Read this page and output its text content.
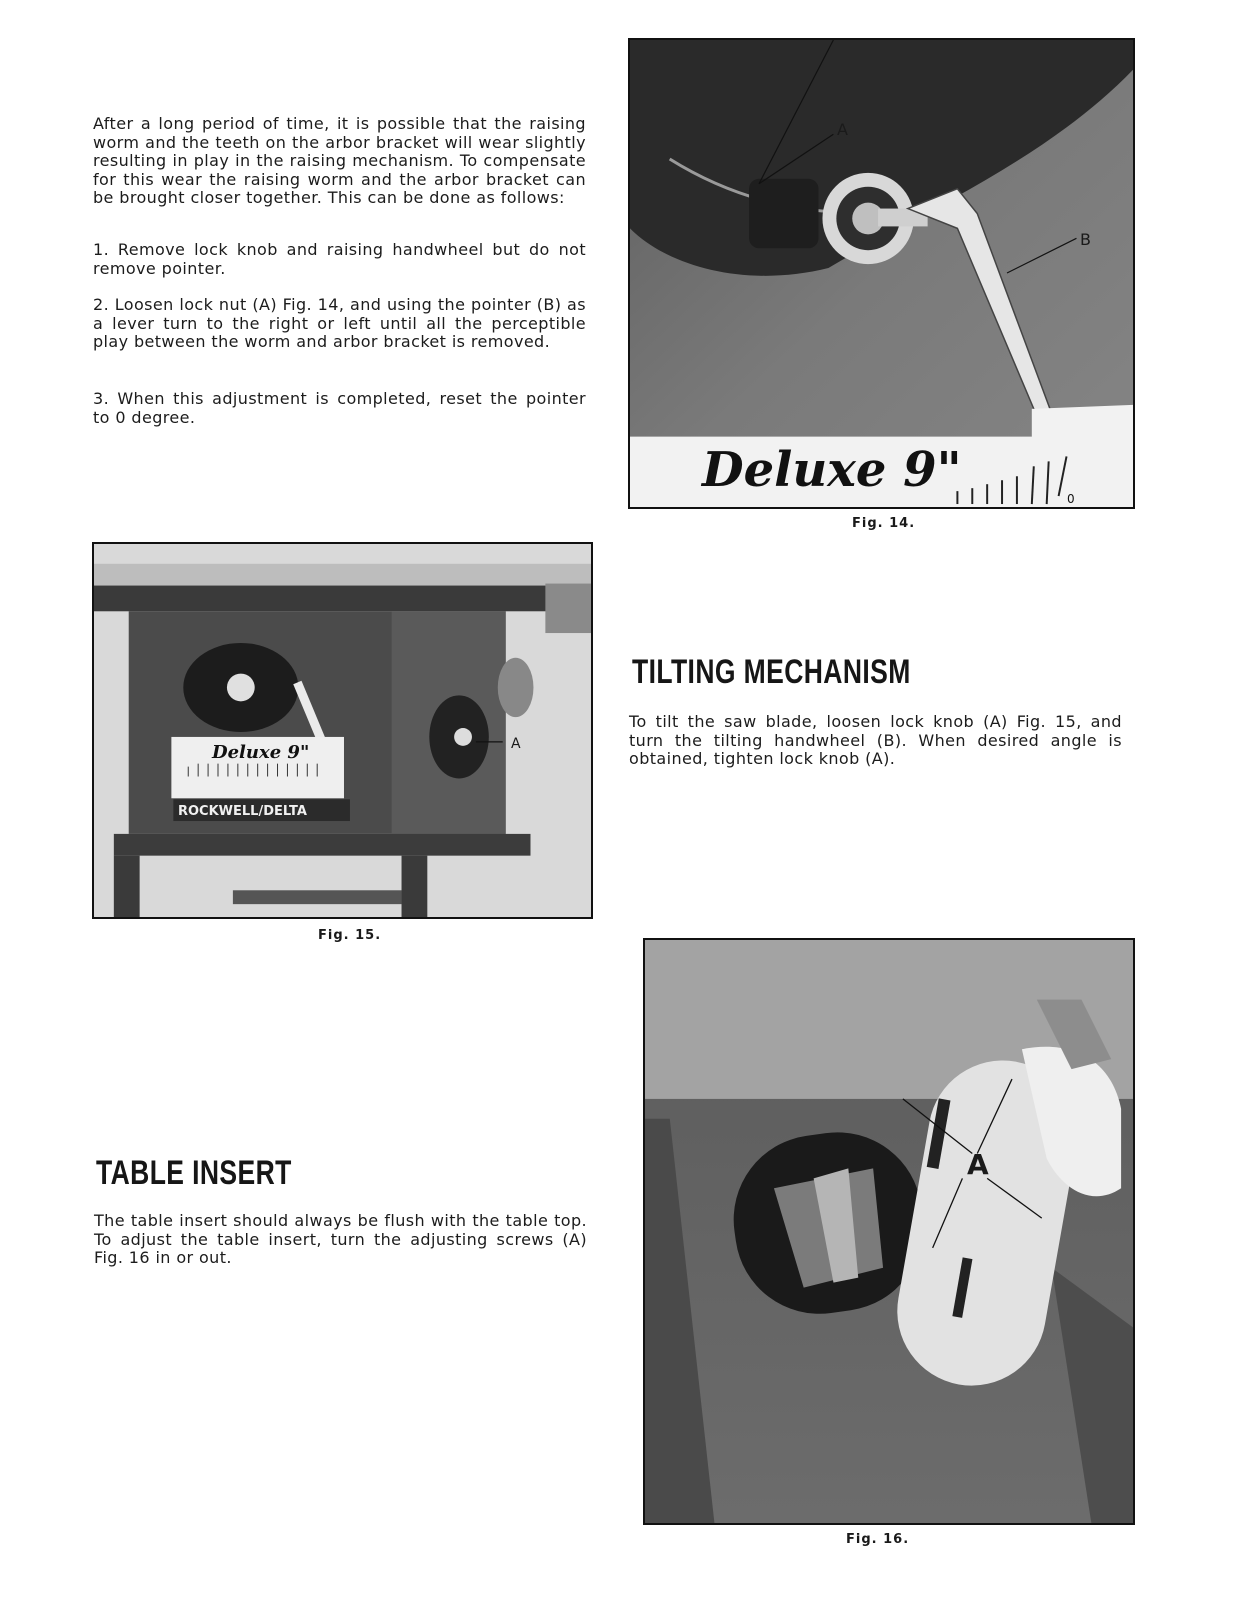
After a long period of time, it is possible that the raising worm and the teeth on the arbor bracket will wear slightly resulting in play in the raising mechanism. To compensate for this wear the raising worm and the arbor bracket can be brought closer together. This can be done as follows:

1. Remove lock knob and raising handwheel but do not remove pointer.

2. Loosen lock nut (A) Fig. 14, and using the pointer (B) as a lever turn to the right or left until all the perceptible play between the worm and arbor bracket is removed.

3. When this adjustment is completed, reset the pointer to 0 degree.

A
B
Deluxe 9"
0

Fig. 14.

A
Deluxe 9"
ROCKWELL/DELTA

Fig. 15.

TILTING MECHANISM

To tilt the saw blade, loosen lock knob (A) Fig. 15, and turn the tilting handwheel (B). When desired angle is obtained, tighten lock knob (A).

TABLE INSERT

The table insert should always be flush with the table top. To adjust the table insert, turn the adjusting screws (A) Fig. 16 in or out.

A

Fig. 16.
